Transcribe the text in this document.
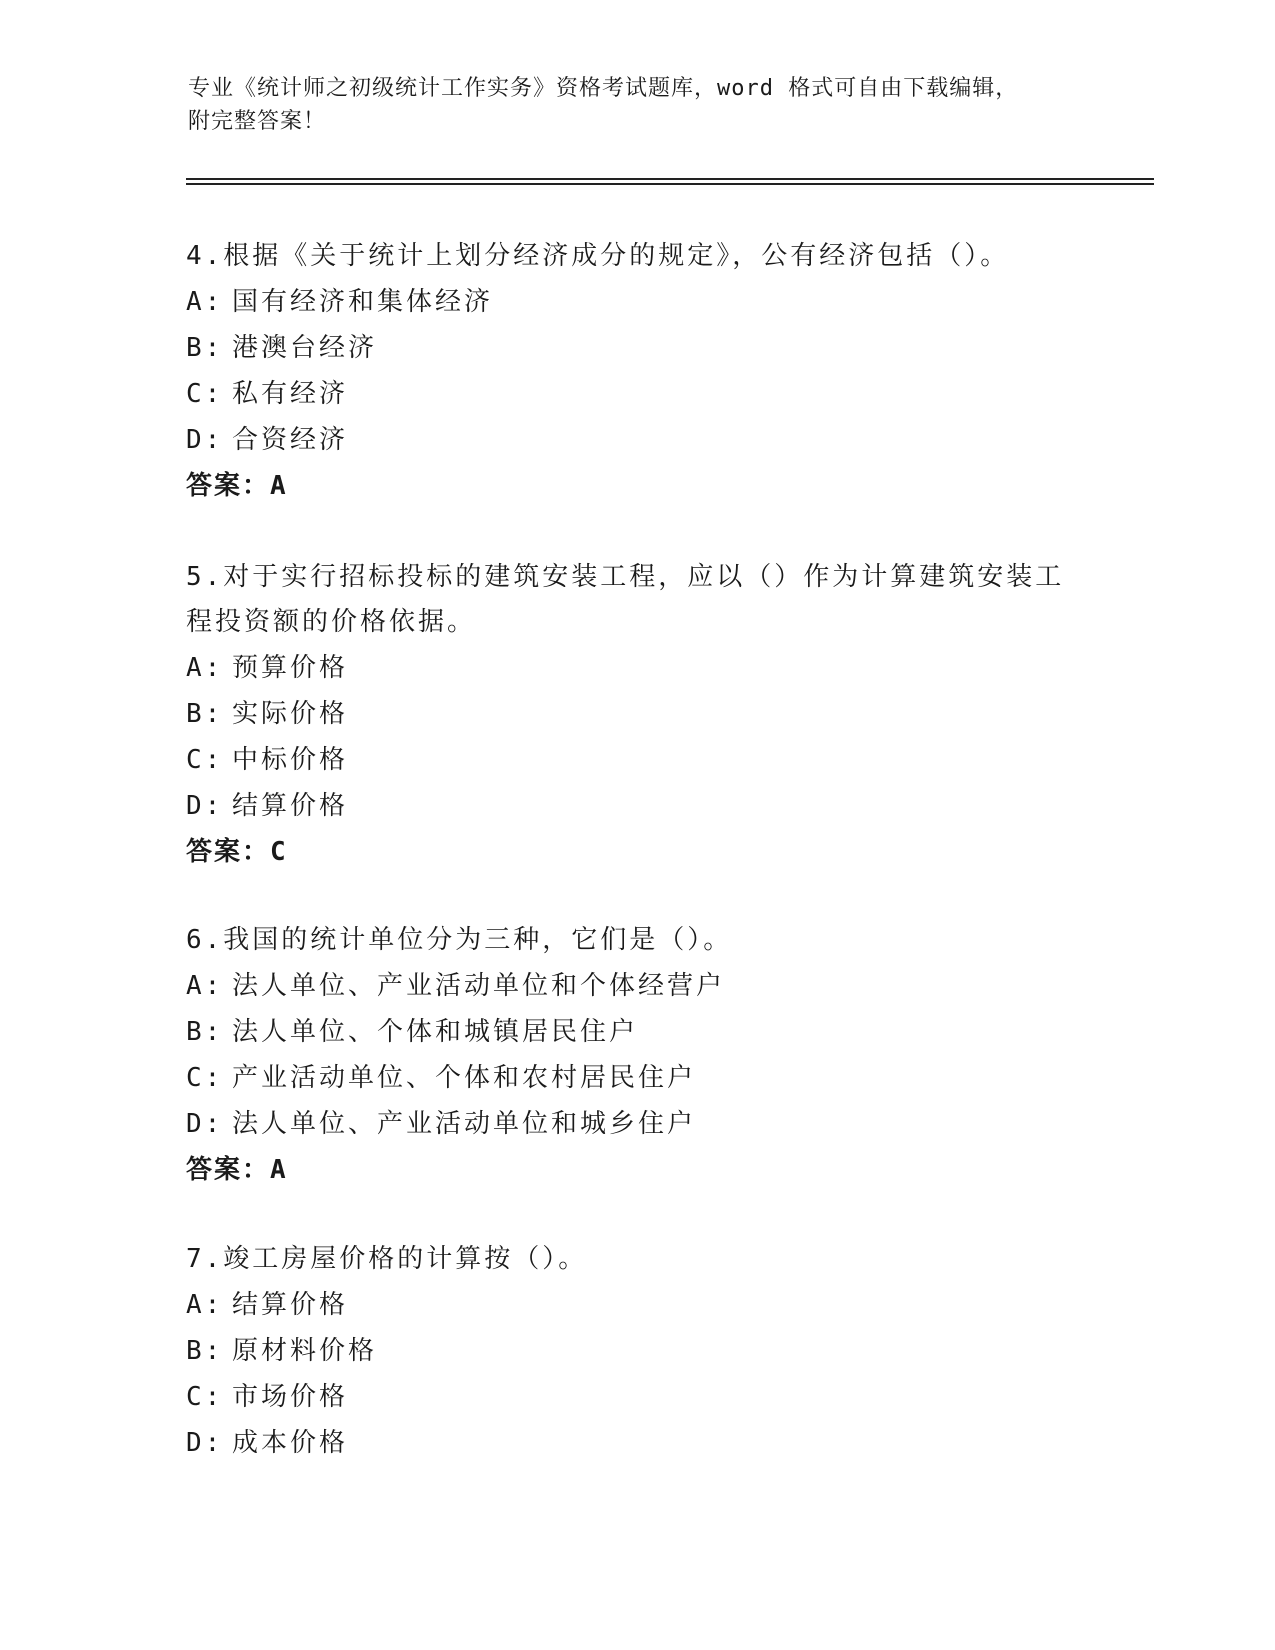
专业《统计师之初级统计工作实务》资格考试题库，word 格式可自由下载编辑，
附完整答案！

4.根据《关于统计上划分经济成分的规定》，公有经济包括（）。

A: 国有经济和集体经济

B: 港澳台经济

C: 私有经济

D: 合资经济

答案：A

5.对于实行招标投标的建筑安装工程，应以（）作为计算建筑安装工

程投资额的价格依据。

A: 预算价格

B: 实际价格

C: 中标价格

D: 结算价格

答案：C

6.我国的统计单位分为三种，它们是（）。

A: 法人单位、产业活动单位和个体经营户

B: 法人单位、个体和城镇居民住户

C: 产业活动单位、个体和农村居民住户

D: 法人单位、产业活动单位和城乡住户

答案：A

7.竣工房屋价格的计算按（）。

A: 结算价格

B: 原材料价格

C: 市场价格

D: 成本价格
